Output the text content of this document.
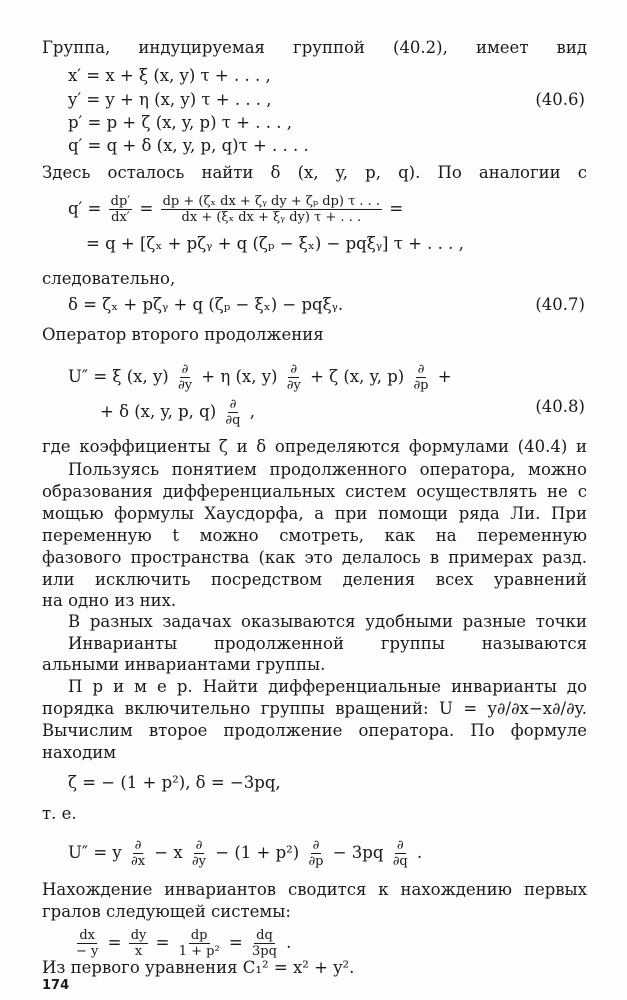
Группа, индуцируемая группой (40.2), имеет вид
x′ = x + ξ (x, y) τ + . . . ,
y′ = y + η (x, y) τ + . . . ,	(40.6)
p′ = p + ζ (x, y, p) τ + . . . ,
q′ = q + δ (x, y, p, q)τ + . . . .
Здесь осталось найти δ (x, y, p, q). По аналогии с
$q' = \frac{dp'}{dx'} = \frac{\text{dp + (ζₓ dx + ζᵧ dy + ζₚ dp) τ . . .}}{\text{dx + (ξₓ dx + ξᵧ dy) τ + . . .}}$ =
= q + [ζₓ + pζᵧ + q (ζₚ − ξₓ) − pqξᵧ] τ + . . . ,
следовательно,
δ = ζₓ + pζᵧ + q (ζₚ − ξₓ) − pqξᵧ.	(40.7)
Оператор второго продолжения
U″ = ξ (x, $y) \frac{\partial}{\partial y} + \eta$ (x, $y) \frac{\partial}{\partial y} + \zeta$ (x, y, $p) \frac{\partial}{\partial p}$ +
+ δ (x, y, p, $q) \frac{\partial}{\partial q}$ ,	(40.8)
где коэффициенты ζ и δ определяются формулами (40.4) и
Пользуясь понятием продолженного оператора, можно
образования дифференциальных систем осуществлять не с
мощью формулы Хаусдорфа, а при помощи ряда Ли. При
переменную t можно смотреть, как на переменную
фазового пространства (как это делалось в примерах разд.
или исключить посредством деления всех уравнений
на одно из них.
В разных задачах оказываются удобными разные точки
Инварианты продолженной группы называются
альными инвариантами группы.
П р и м е р. Найти дифференциальные инварианты до
порядка включительно группы вращений: U = y∂/∂x−x∂/∂y.
Вычислим второе продолжение оператора. По формуле
находим
ζ = − (1 + p²), δ = −3pq,
т. е.
U″ = y $\frac{\partial}{\partial x} - x \frac{\partial}{\partial y} - (1 + p^2) \frac{\partial}{\partial p} - 3pq \frac{\partial}{\partial q}$ .
Нахождение инвариантов сводится к нахождению первых
гралов следующей системы:
$\frac{dx}{- y} = \frac{dy}{x} = \frac{dp}{\text{1 + p²}} = \frac{dq}{3pq}$ .
Из первого уравнения C₁² = x² + y².
174
